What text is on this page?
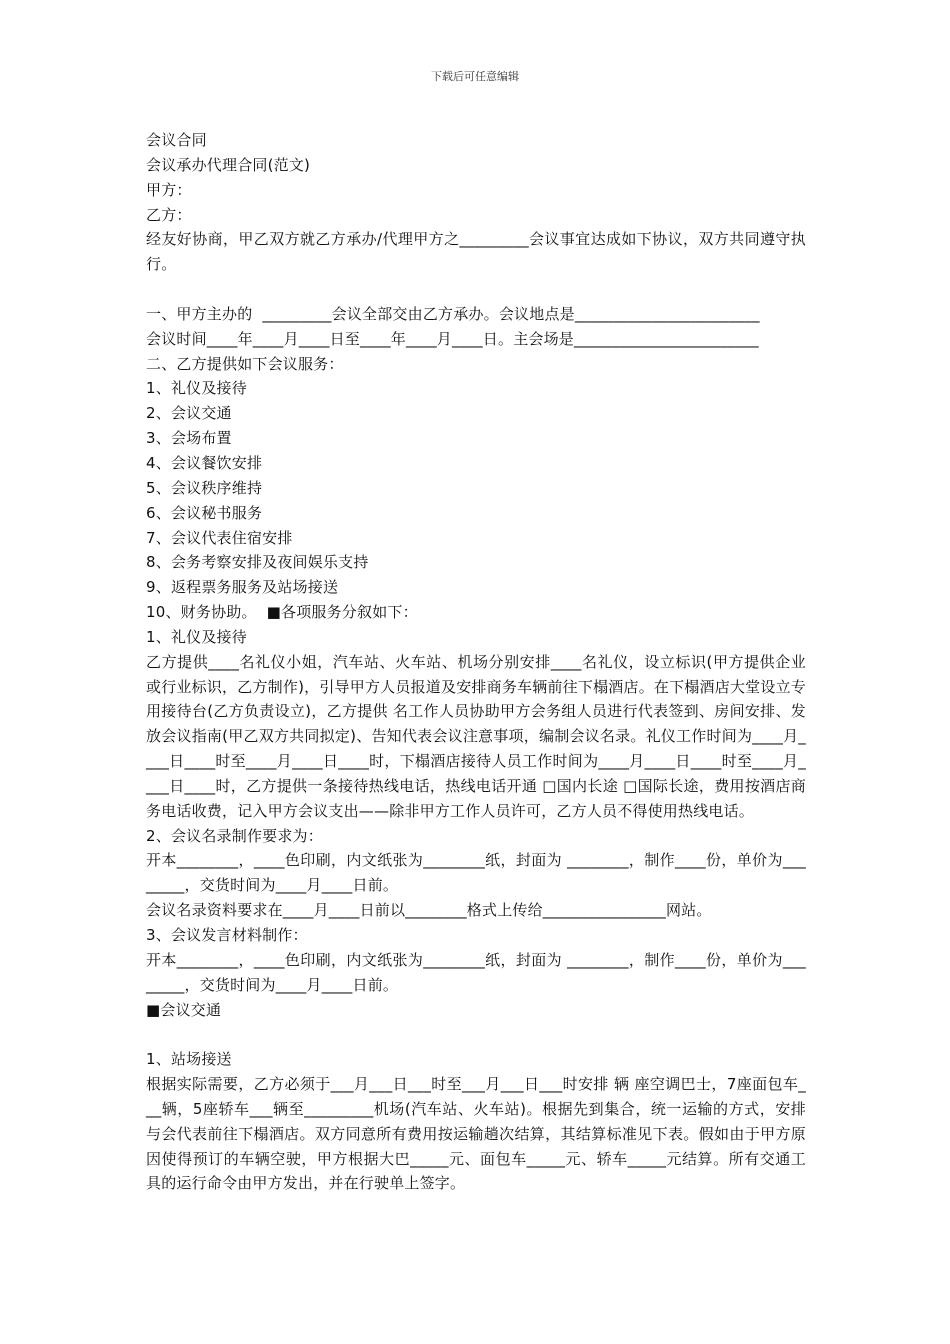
下载后可任意编辑

会议合同

会议承办代理合同(范文)

甲方：

乙方：

经友好协商，甲乙双方就乙方承办/代理甲方之_________会议事宜达成如下协议，双方共同遵守执行。

一、甲方主办的  _________会议全部交由乙方承办。会议地点是________________________

会议时间____年____月____日至____年____月____日。主会场是________________________

二、乙方提供如下会议服务：

1、礼仪及接待

2、会议交通

3、会场布置

4、会议餐饮安排

5、会议秩序维持

6、会议秘书服务

7、会议代表住宿安排

8、会务考察安排及夜间娱乐支持

9、返程票务服务及站场接送

10、财务协助。  ■各项服务分叙如下：

1、礼仪及接待

乙方提供____名礼仪小姐，汽车站、火车站、机场分别安排____名礼仪，设立标识(甲方提供企业或行业标识，乙方制作)，引导甲方人员报道及安排商务车辆前往下榻酒店。在下榻酒店大堂设立专用接待台(乙方负责设立)，乙方提供 名工作人员协助甲方会务组人员进行代表签到、房间安排、发放会议指南(甲乙双方共同拟定)、告知代表会议注意事项，编制会议名录。礼仪工作时间为____月____日____时至____月____日____时，下榻酒店接待人员工作时间为____月____日____时至____月____日____时，乙方提供一条接待热线电话，热线电话开通 □国内长途 □国际长途，费用按酒店商务电话收费，记入甲方会议支出——除非甲方工作人员许可，乙方人员不得使用热线电话。

2、会议名录制作要求为：

开本________，____色印刷，内文纸张为________纸，封面为 ________，制作____份，单价为________，交货时间为____月____日前。

会议名录资料要求在____月____日前以________格式上传给________________网站。

3、会议发言材料制作：

开本________，____色印刷，内文纸张为________纸，封面为 ________，制作____份，单价为________，交货时间为____月____日前。

■会议交通

1、站场接送

根据实际需要，乙方必须于___月___日___时至___月___日___时安排 辆 座空调巴士，7座面包车___辆，5座轿车___辆至_________机场(汽车站、火车站)。根据先到集合，统一运输的方式，安排与会代表前往下榻酒店。双方同意所有费用按运输趟次结算，其结算标准见下表。假如由于甲方原因使得预订的车辆空驶，甲方根据大巴_____元、面包车_____元、轿车_____元结算。所有交通工具的运行命令由甲方发出，并在行驶单上签字。
